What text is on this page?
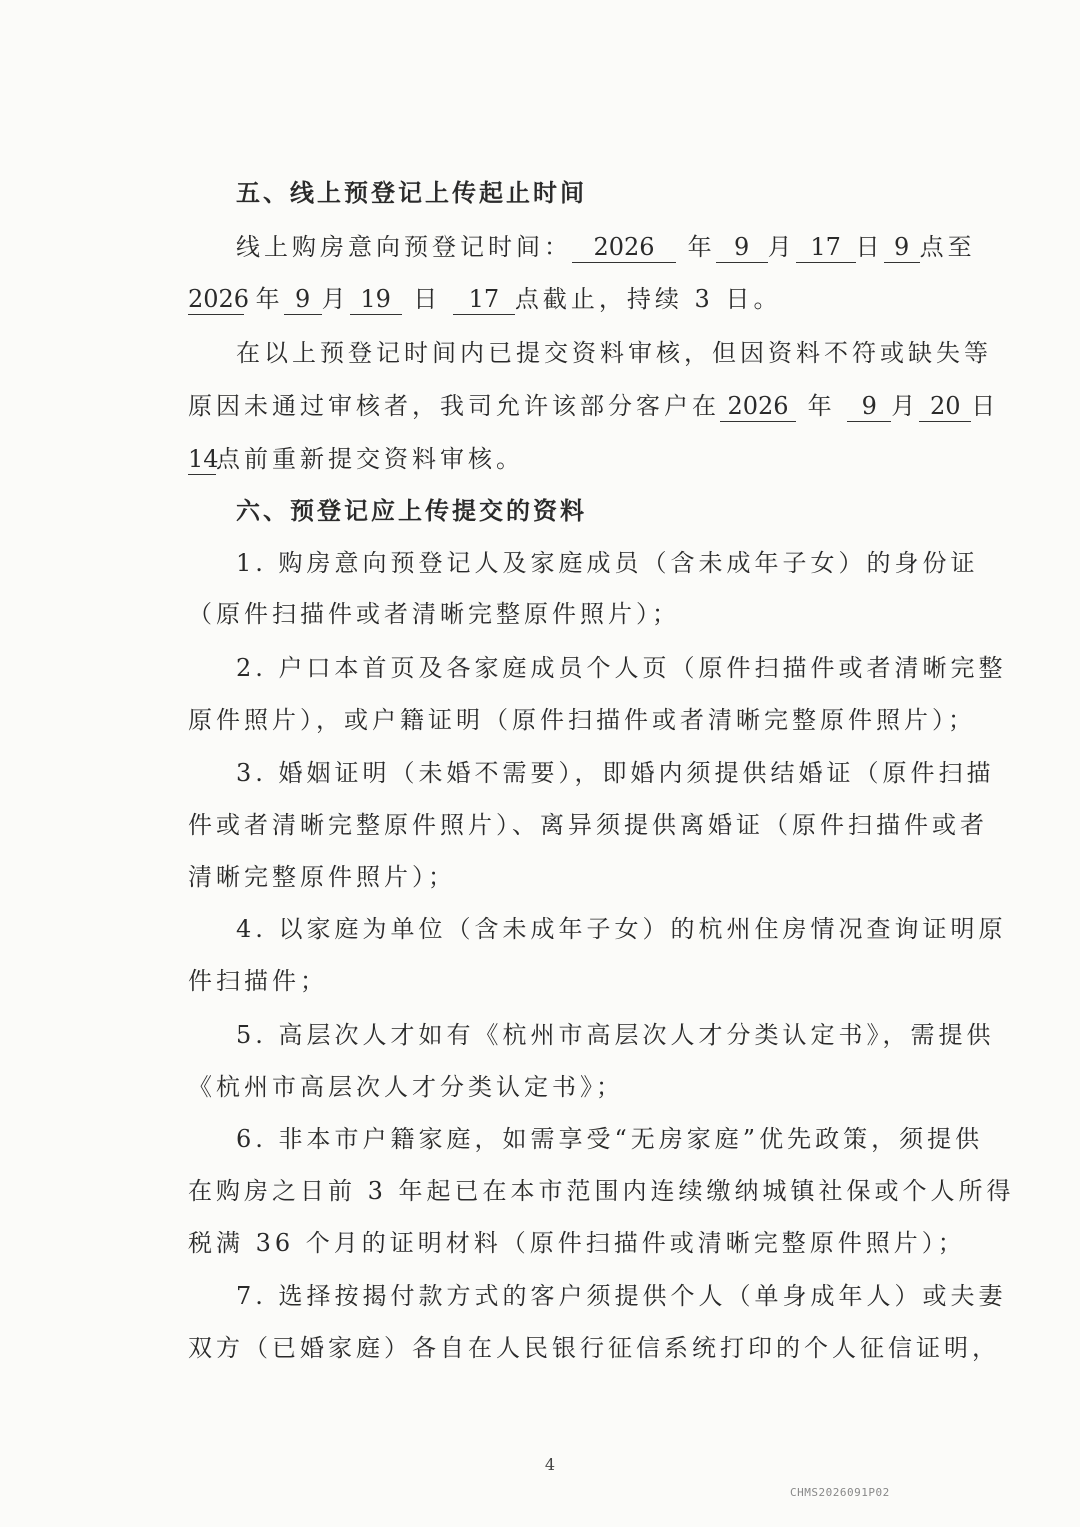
五、线上预登记上传起止时间
线上购房意向预登记时间： 2026 年 9 月 17 日 9 点至
2026 年 9 月 19 日 17 点截止，持续 3 日。
在以上预登记时间内已提交资料审核，但因资料不符或缺失等
原因未通过审核者，我司允许该部分客户在 2026 年 9 月 20 日
14点前重新提交资料审核。
六、预登记应上传提交的资料
1. 购房意向预登记人及家庭成员（含未成年子女）的身份证
（原件扫描件或者清晰完整原件照片）；
2. 户口本首页及各家庭成员个人页（原件扫描件或者清晰完整
原件照片），或户籍证明（原件扫描件或者清晰完整原件照片）；
3. 婚姻证明（未婚不需要），即婚内须提供结婚证（原件扫描
件或者清晰完整原件照片）、离异须提供离婚证（原件扫描件或者
清晰完整原件照片）；
4. 以家庭为单位（含未成年子女）的杭州住房情况查询证明原
件扫描件；
5. 高层次人才如有《杭州市高层次人才分类认定书》，需提供
《杭州市高层次人才分类认定书》；
6. 非本市户籍家庭，如需享受“无房家庭”优先政策，须提供
在购房之日前 3 年起已在本市范围内连续缴纳城镇社保或个人所得
税满 36 个月的证明材料（原件扫描件或清晰完整原件照片）；
7. 选择按揭付款方式的客户须提供个人（单身成年人）或夫妻
双方（已婚家庭）各自在人民银行征信系统打印的个人征信证明，
4
CHMS2026091P02
